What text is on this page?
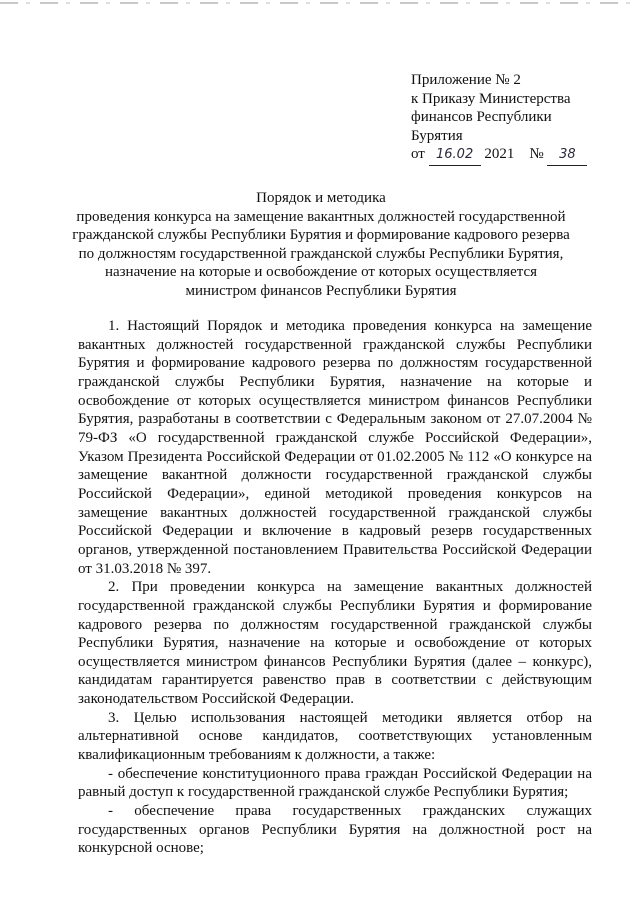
Приложение № 2
к Приказу Министерства
финансов Республики
Бурятия
от 16.02 2021 № 38
Порядок и методика
проведения конкурса на замещение вакантных должностей государственной
гражданской службы Республики Бурятия и формирование кадрового резерва
по должностям государственной гражданской службы Республики Бурятия,
назначение на которые и освобождение от которых осуществляется
министром финансов Республики Бурятия

1. Настоящий Порядок и методика проведения конкурса на замещение вакантных должностей государственной гражданской службы Республики Бурятия и формирование кадрового резерва по должностям государственной гражданской службы Республики Бурятия, назначение на которые и освобождение от которых осуществляется министром финансов Республики Бурятия, разработаны в соответствии с Федеральным законом от 27.07.2004 № 79-ФЗ «О государственной гражданской службе Российской Федерации», Указом Президента Российской Федерации от 01.02.2005 № 112 «О конкурсе на замещение вакантной должности государственной гражданской службы Российской Федерации», единой методикой проведения конкурсов на замещение вакантных должностей государственной гражданской службы Российской Федерации и включение в кадровый резерв государственных органов, утвержденной постановлением Правительства Российской Федерации от 31.03.2018 № 397.

2. При проведении конкурса на замещение вакантных должностей государственной гражданской службы Республики Бурятия и формирование кадрового резерва по должностям государственной гражданской службы Республики Бурятия, назначение на которые и освобождение от которых осуществляется министром финансов Республики Бурятия (далее – конкурс), кандидатам гарантируется равенство прав в соответствии с действующим законодательством Российской Федерации.

3. Целью использования настоящей методики является отбор на альтернативной основе кандидатов, соответствующих установленным квалификационным требованиям к должности, а также:

- обеспечение конституционного права граждан Российской Федерации на равный доступ к государственной гражданской службе Республики Бурятия;

- обеспечение права государственных гражданских служащих государственных органов Республики Бурятия на должностной рост на конкурсной основе;
